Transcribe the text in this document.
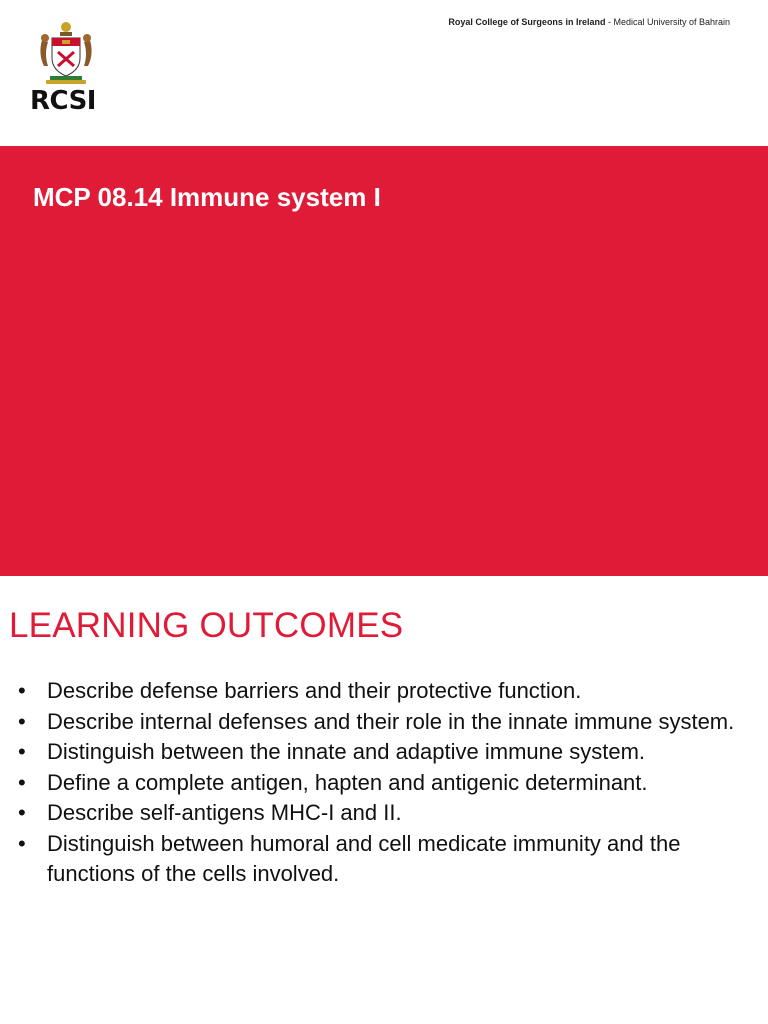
RCSI
Royal College of Surgeons in Ireland - Medical University of Bahrain
MCP 08.14 Immune system I
LEARNING OUTCOMES
• Describe defense barriers and their protective function.
• Describe internal defenses and their role in the innate immune system.
• Distinguish between the innate and adaptive immune system.
• Define a complete antigen, hapten and antigenic determinant.
• Describe self-antigens MHC-I and II.
• Distinguish between humoral and cell medicate immunity and the functions of the cells involved.
